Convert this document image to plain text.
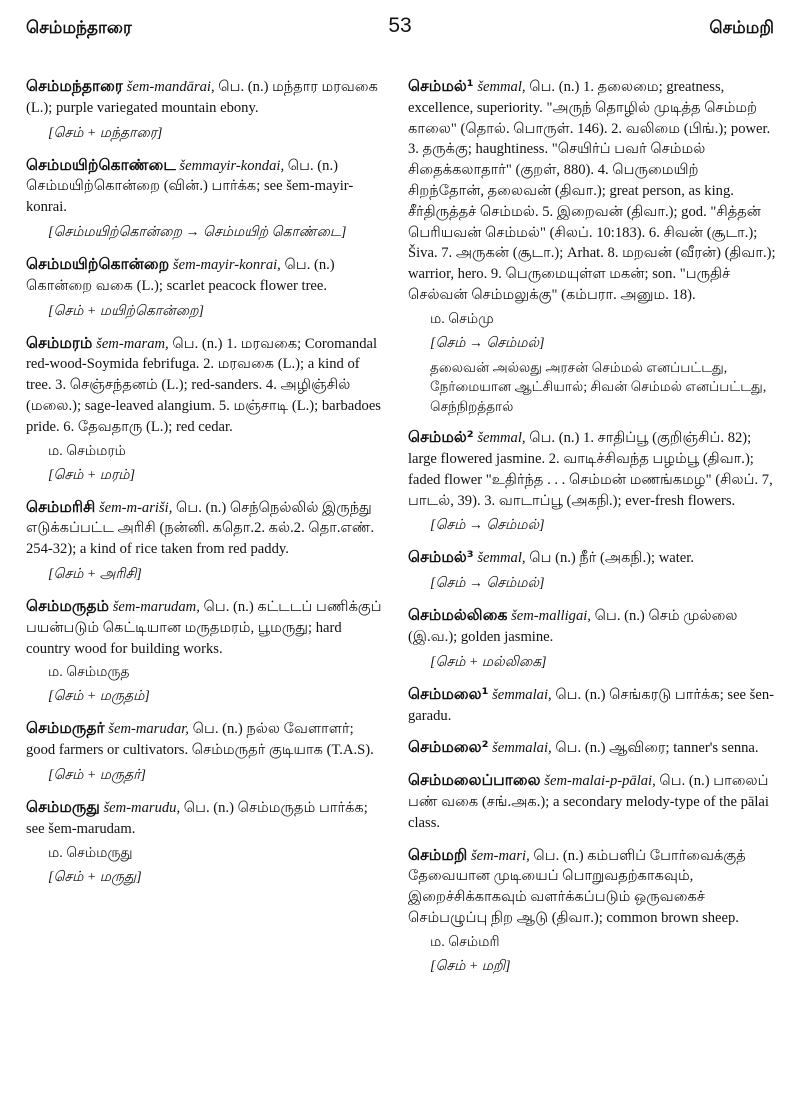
செம்மந்தாரை	53	செம்மறி
செம்மந்தாரை šem-mandārai, பெ. (n.) மந்தார மரவகை (L.); purple variegated mountain ebony.
[செம் + மந்தாரை]
செம்மயிற்கொண்டை šemmayir-kondai, பெ. (n.) செம்மயிற்கொன்றை (வின்.) பார்க்க; see šem-mayir-konrai.
[செம்மயிற்கொன்றை → செம்மயிற் கொண்டை]
செம்மயிற்கொன்றை šem-mayir-konrai, பெ. (n.) கொன்றை வகை (L.); scarlet peacock flower tree.
[செம் + மயிற்கொன்றை]
செம்மரம் šem-maram, பெ. (n.) 1. மரவகை; Coromandal red-wood-Soymida febrifuga. 2. மரவகை (L.); a kind of tree. 3. செஞ்சந்தனம் (L.); red-sanders. 4. அழிஞ்சில் (மலை.); sage-leaved alangium. 5. மஞ்சாடி (L.); barbadoes pride. 6. தேவதாரு (L.); red cedar.
ம. செம்மரம்
[செம் + மரம்]
செம்மரிசி šem-m-ariši, பெ. (n.) செந்நெல்லில் இருந்து எடுக்கப்பட்ட அரிசி (நன்னி. கதொ.2. கல்.2. தொ.எண். 254-32); a kind of rice taken from red paddy.
[செம் + அரிசி]
செம்மருதம் šem-marudam, பெ. (n.) கட்டடப் பணிக்குப் பயன்படும் கெட்டியான மருதமரம், பூமருது; hard country wood for building works.
ம. செம்மருத
[செம் + மருதம்]
செம்மருதர் šem-marudar, பெ. (n.) நல்ல வேளாளர்; good farmers or cultivators. செம்மருதர் குடியாக (T.A.S).
[செம் + மருதர்]
செம்மருது šem-marudu, பெ. (n.) செம்மருதம் பார்க்க; see šem-marudam.
ம. செம்மருது
[செம் + மருது]
செம்மல்¹ šemmal, பெ. (n.) 1. தலைமை; greatness, excellence, superiority. "அருந் தொழில் முடித்த செம்மற் காலை" (தொல். பொருள். 146). 2. வலிமை (பிங்.); power. 3. தருக்கு; haughtiness. "செயிர்ப் பவர் செம்மல் சிதைக்கலாதார்" (குறள், 880). 4. பெருமையிற் சிறந்தோன், தலைவன் (திவா.); great person, as king. சீர்திருத்தச் செம்மல். 5. இறைவன் (திவா.); god. "சித்தன் பெரியவன் செம்மல்" (சிலப். 10:183). 6. சிவன் (சூடா.); Šiva. 7. அருகன் (சூடா.); Arhat. 8. மறவன் (வீரன்) (திவா.); warrior, hero. 9. பெருமையுள்ள மகன்; son. "பருதிச் செல்வன் செம்மலுக்கு" (கம்பரா. அனும. 18).
ம. செம்மு
[செம் → செம்மல்]
தலைவன் அல்லது அரசன் செம்மல் எனப்பட்டது, நேர்மையான ஆட்சியால்; சிவன் செம்மல் எனப்பட்டது, செந்நிறத்தால்
செம்மல்² šemmal, பெ. (n.) 1. சாதிப்பூ (குறிஞ்சிப். 82); large flowered jasmine. 2. வாடிச்சிவந்த பழம்பூ (திவா.); faded flower "உதிர்ந்த . . . செம்மன் மணங்கமழ" (சிலப். 7, பாடல், 39). 3. வாடாப்பூ (அகநி.); ever-fresh flowers.
[செம் → செம்மல்]
செம்மல்³ šemmal, பெ (n.) நீர் (அகநி.); water.
[செம் → செம்மல்]
செம்மல்லிகை šem-malligai, பெ. (n.) செம் முல்லை (இ.வ.); golden jasmine.
[செம் + மல்லிகை]
செம்மலை¹ šemmalai, பெ. (n.) செங்கரடு பார்க்க; see šen-garadu.
செம்மலை² šemmalai, பெ. (n.) ஆவிரை; tanner's senna.
செம்மலைப்பாலை šem-malai-p-pālai, பெ. (n.) பாலைப் பண் வகை (சங்.அக.); a secondary melody-type of the pālai class.
செம்மறி šem-mari, பெ. (n.) கம்பளிப் போர்வைக்குத் தேவையான முடியைப் பொறுவதற்காகவும், இறைச்சிக்காகவும் வளர்க்கப்படும் ஒருவகைச் செம்பழுப்பு நிற ஆடு (திவா.); common brown sheep.
ம. செம்மரி
[செம் + மறி]
